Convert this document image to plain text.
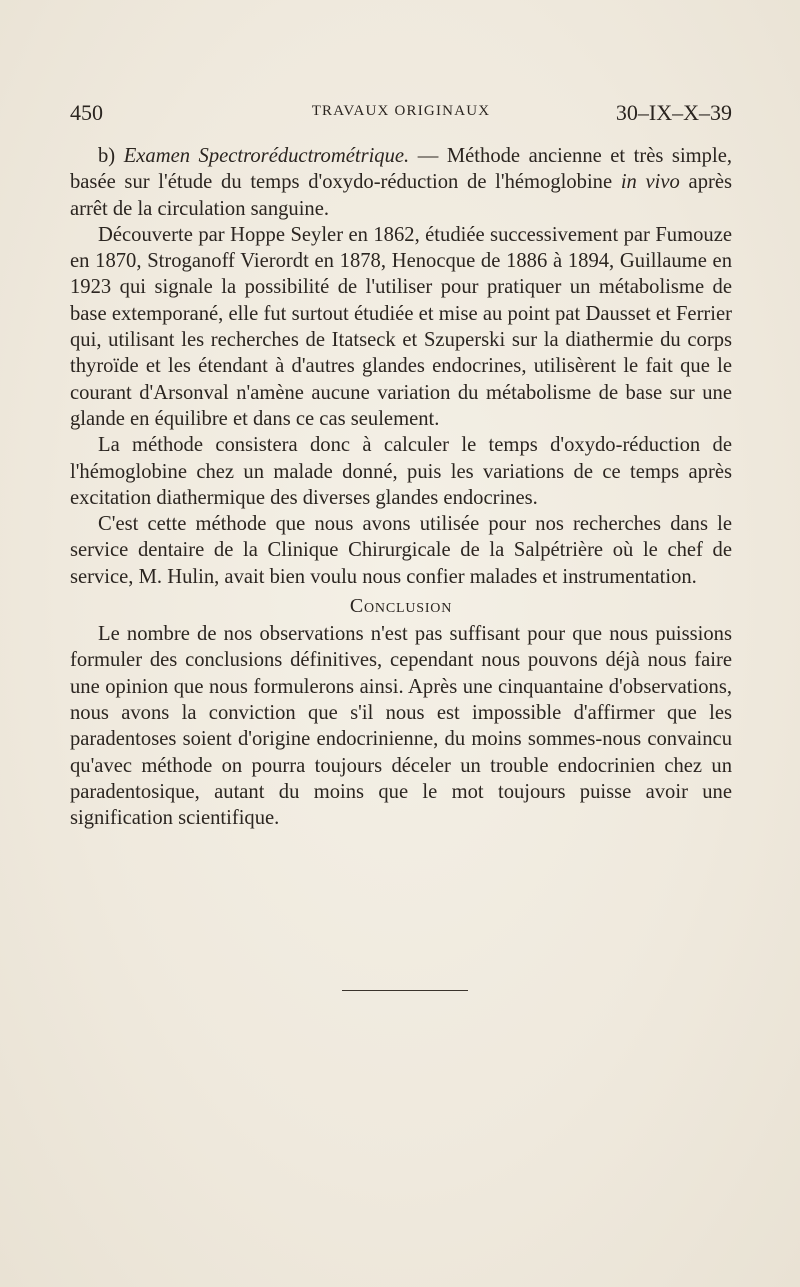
450	TRAVAUX ORIGINAUX	30–IX–X–39

b) Examen Spectroréductrométrique. — Méthode ancienne et très simple, basée sur l'étude du temps d'oxydo-réduction de l'hémoglobine in vivo après arrêt de la circulation sanguine.

Découverte par Hoppe Seyler en 1862, étudiée successivement par Fumouze en 1870, Stroganoff Vierordt en 1878, Henocque de 1886 à 1894, Guillaume en 1923 qui signale la possibilité de l'utiliser pour pratiquer un métabolisme de base extemporané, elle fut surtout étudiée et mise au point pat Dausset et Ferrier qui, utilisant les recherches de Itatseck et Szuperski sur la diathermie du corps thyroïde et les étendant à d'autres glandes endocrines, utilisèrent le fait que le courant d'Arsonval n'amène aucune variation du métabolisme de base sur une glande en équilibre et dans ce cas seulement.

La méthode consistera donc à calculer le temps d'oxydo-réduction de l'hémoglobine chez un malade donné, puis les variations de ce temps après excitation diathermique des diverses glandes endocrines.

C'est cette méthode que nous avons utilisée pour nos recherches dans le service dentaire de la Clinique Chirurgicale de la Salpétrière où le chef de service, M. Hulin, avait bien voulu nous confier malades et instrumentation.

Conclusion

Le nombre de nos observations n'est pas suffisant pour que nous puissions formuler des conclusions définitives, cependant nous pouvons déjà nous faire une opinion que nous formulerons ainsi. Après une cinquantaine d'observations, nous avons la conviction que s'il nous est impossible d'affirmer que les paradentoses soient d'origine endocrinienne, du moins sommes-nous convaincu qu'avec méthode on pourra toujours déceler un trouble endocrinien chez un paradentosique, autant du moins que le mot toujours puisse avoir une signification scientifique.
